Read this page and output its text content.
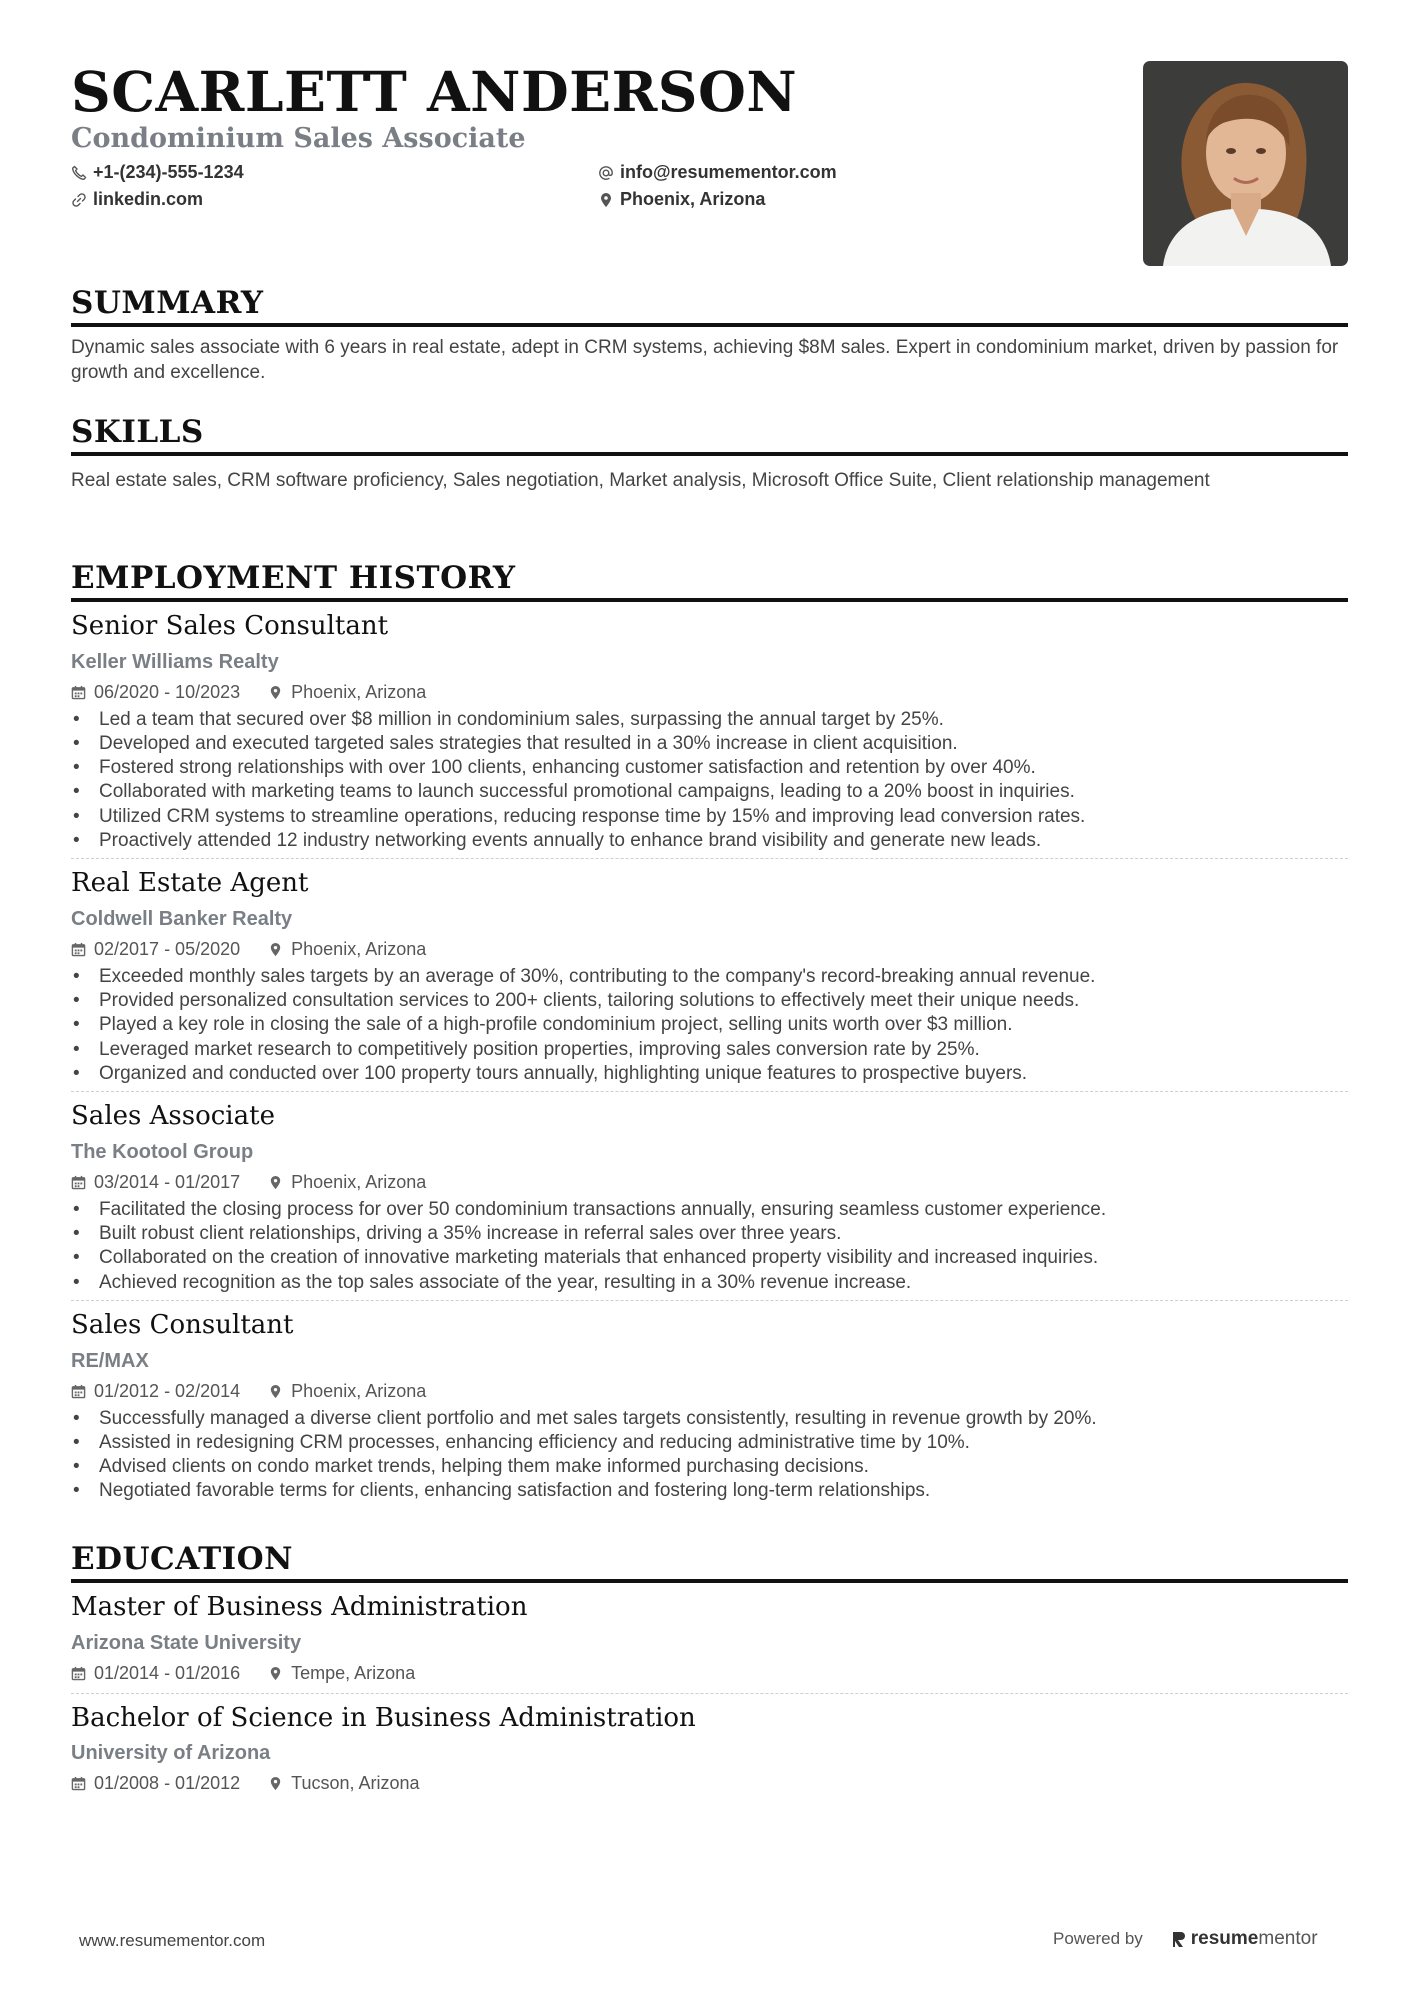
SCARLETT ANDERSON
Condominium Sales Associate
+1-(234)-555-1234	info@resumementor.com
linkedin.com	Phoenix, Arizona
SUMMARY
Dynamic sales associate with 6 years in real estate, adept in CRM systems, achieving $8M sales. Expert in condominium market, driven by passion for growth and excellence.
SKILLS
Real estate sales, CRM software proficiency, Sales negotiation, Market analysis, Microsoft Office Suite, Client relationship management
EMPLOYMENT HISTORY
Senior Sales Consultant
Keller Williams Realty
06/2020 - 10/2023	Phoenix, Arizona
• Led a team that secured over $8 million in condominium sales, surpassing the annual target by 25%.
• Developed and executed targeted sales strategies that resulted in a 30% increase in client acquisition.
• Fostered strong relationships with over 100 clients, enhancing customer satisfaction and retention by over 40%.
• Collaborated with marketing teams to launch successful promotional campaigns, leading to a 20% boost in inquiries.
• Utilized CRM systems to streamline operations, reducing response time by 15% and improving lead conversion rates.
• Proactively attended 12 industry networking events annually to enhance brand visibility and generate new leads.
Real Estate Agent
Coldwell Banker Realty
02/2017 - 05/2020	Phoenix, Arizona
• Exceeded monthly sales targets by an average of 30%, contributing to the company's record-breaking annual revenue.
• Provided personalized consultation services to 200+ clients, tailoring solutions to effectively meet their unique needs.
• Played a key role in closing the sale of a high-profile condominium project, selling units worth over $3 million.
• Leveraged market research to competitively position properties, improving sales conversion rate by 25%.
• Organized and conducted over 100 property tours annually, highlighting unique features to prospective buyers.
Sales Associate
The Kootool Group
03/2014 - 01/2017	Phoenix, Arizona
• Facilitated the closing process for over 50 condominium transactions annually, ensuring seamless customer experience.
• Built robust client relationships, driving a 35% increase in referral sales over three years.
• Collaborated on the creation of innovative marketing materials that enhanced property visibility and increased inquiries.
• Achieved recognition as the top sales associate of the year, resulting in a 30% revenue increase.
Sales Consultant
RE/MAX
01/2012 - 02/2014	Phoenix, Arizona
• Successfully managed a diverse client portfolio and met sales targets consistently, resulting in revenue growth by 20%.
• Assisted in redesigning CRM processes, enhancing efficiency and reducing administrative time by 10%.
• Advised clients on condo market trends, helping them make informed purchasing decisions.
• Negotiated favorable terms for clients, enhancing satisfaction and fostering long-term relationships.
EDUCATION
Master of Business Administration
Arizona State University
01/2014 - 01/2016	Tempe, Arizona
Bachelor of Science in Business Administration
University of Arizona
01/2008 - 01/2012	Tucson, Arizona
www.resumementor.com	Powered by	resume mentor
